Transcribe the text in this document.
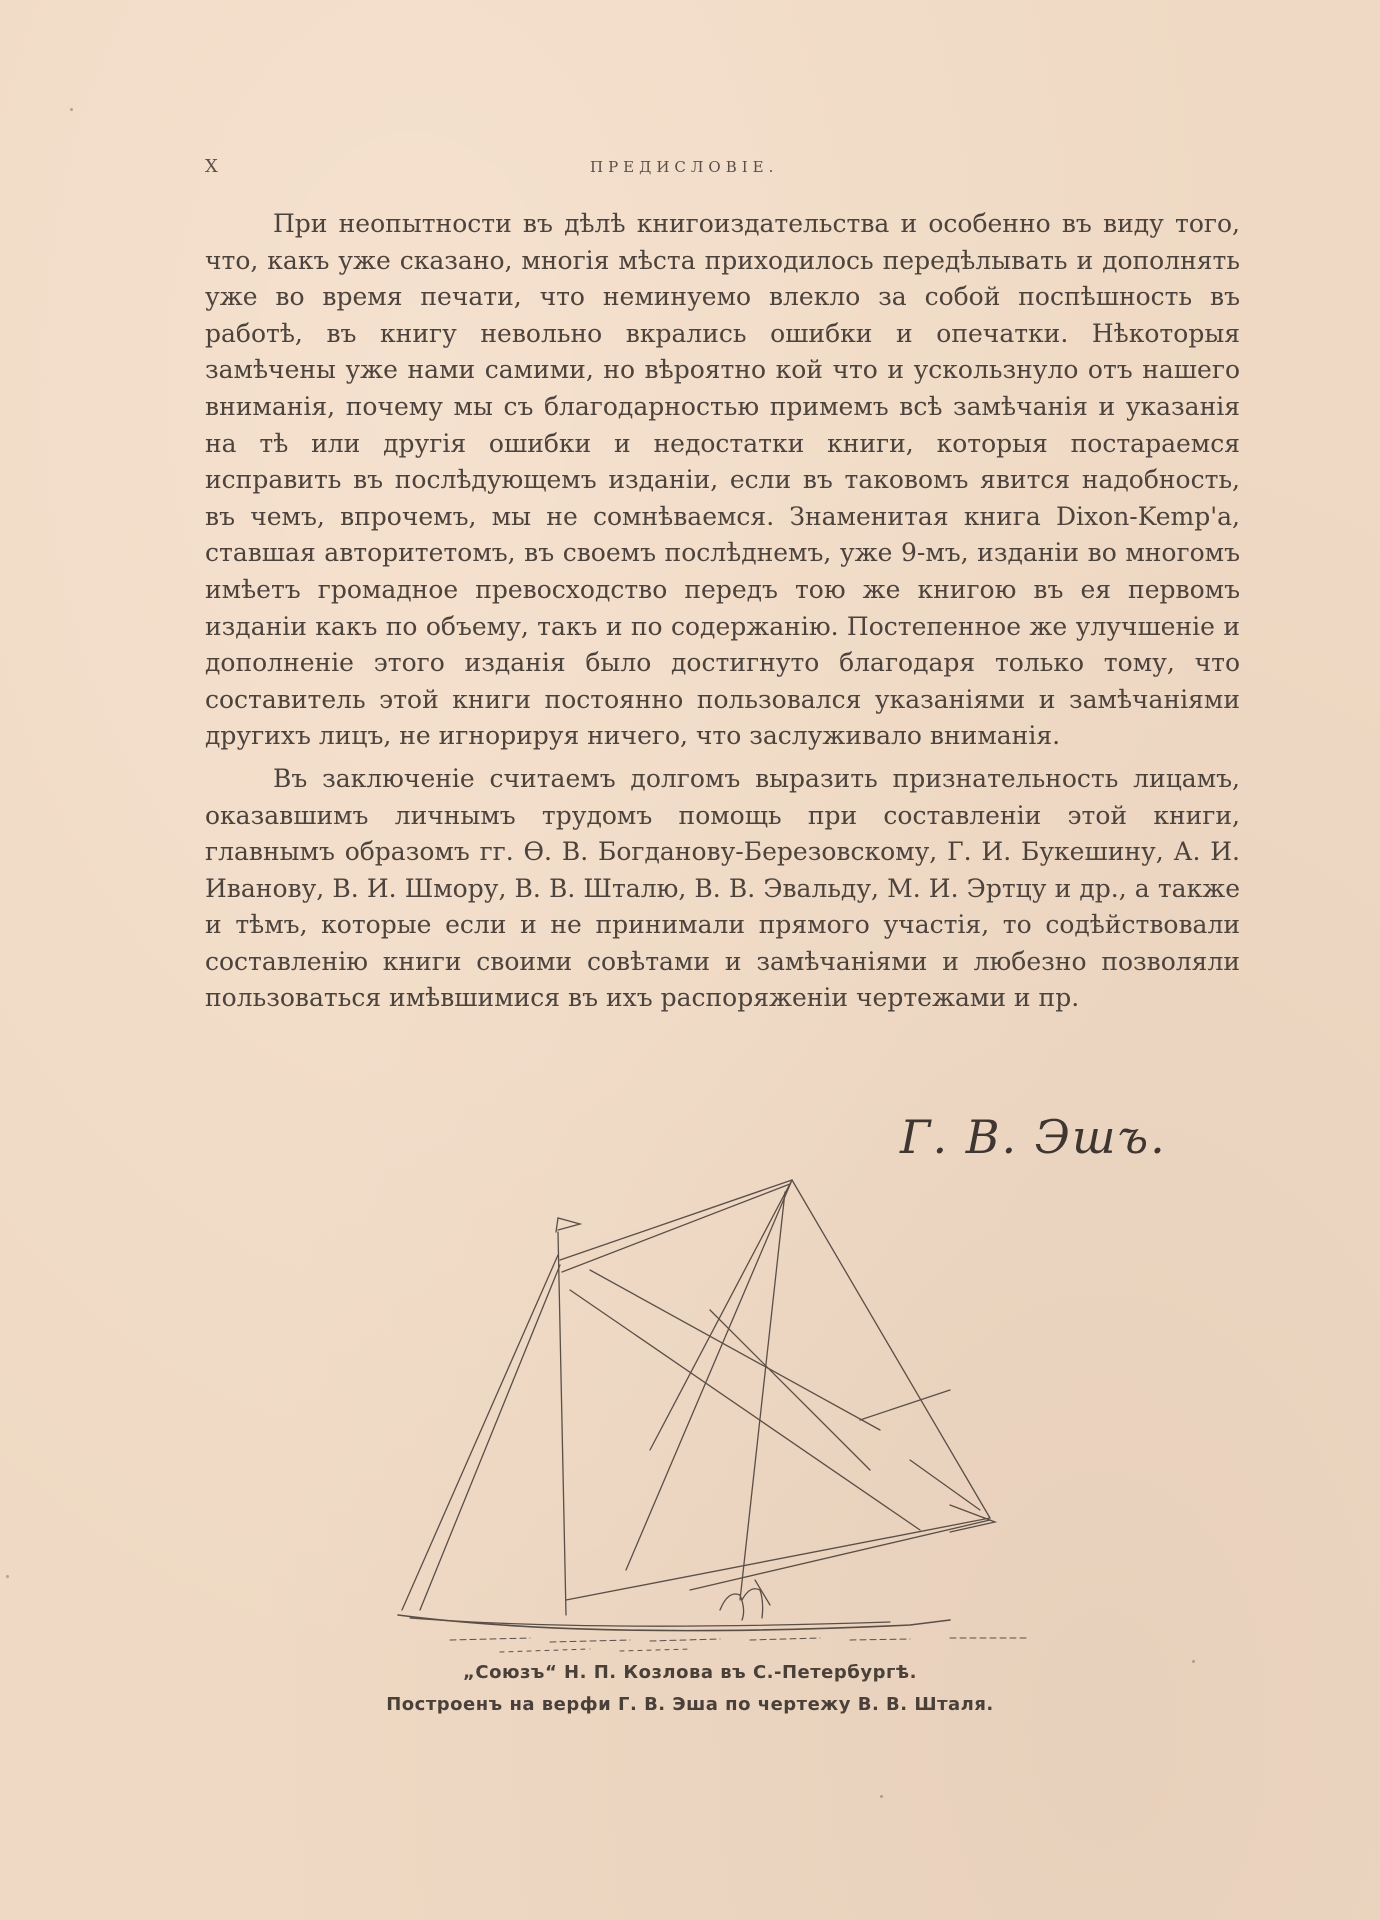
X	ПРЕДИСЛОВІЕ.

При неопытности въ дѣлѣ книгоиздательства и особенно въ виду того, что, какъ уже сказано, многія мѣста приходилось передѣлывать и дополнять уже во время печати, что неминуемо влекло за собой поспѣшность въ работѣ, въ книгу невольно вкрались ошибки и опечатки. Нѣкоторыя замѣчены уже нами самими, но вѣроятно кой что и ускользнуло отъ нашего вниманія, почему мы съ благодарностью примемъ всѣ замѣчанія и указанія на тѣ или другія ошибки и недостатки книги, которыя постараемся исправить въ послѣдующемъ изданіи, если въ таковомъ явится надобность, въ чемъ, впрочемъ, мы не сомнѣваемся. Знаменитая книга Dixon-Kemp'а, ставшая авторитетомъ, въ своемъ послѣднемъ, уже 9-мъ, изданіи во многомъ имѣетъ громадное превосходство передъ тою же книгою въ ея первомъ изданіи какъ по объему, такъ и по содержанію. Постепенное же улучшеніе и дополненіе этого изданія было достигнуто благодаря только тому, что составитель этой книги постоянно пользовался указаніями и замѣчаніями другихъ лицъ, не игнорируя ничего, что заслуживало вниманія.

Въ заключеніе считаемъ долгомъ выразить признательность лицамъ, оказавшимъ личнымъ трудомъ помощь при составленіи этой книги, главнымъ образомъ гг. Ѳ. В. Богданову-Березовскому, Г. И. Букешину, А. И. Иванову, В. И. Шмору, В. В. Шталю, В. В. Эвальду, М. И. Эртцу и др., а также и тѣмъ, которые если и не принимали прямого участія, то содѣйствовали составленію книги своими совѣтами и замѣчаніями и любезно позволяли пользоваться имѣвшимися въ ихъ распоряженіи чертежами и пр.

Г. В. Эшъ.
„Союзъ“ Н. П. Козлова въ С.-Петербургѣ.
Построенъ на верфи Г. В. Эша по чертежу В. В. Шталя.
